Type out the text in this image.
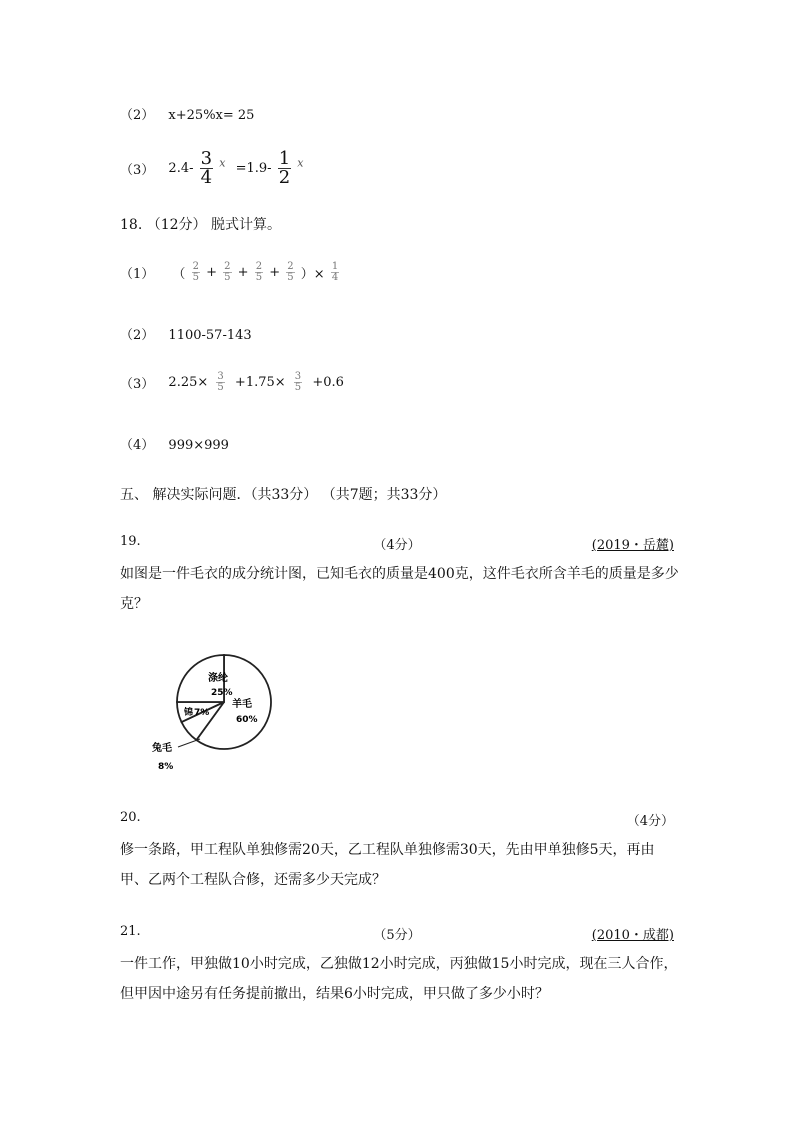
（2） x+25%x= 25
（3） $2.4- \frac{3}{4} ^x =1.9- \frac{1}{2} ^x$
18. （12分） 脱式计算。
（1） （ $\frac{2}{5} + \frac{2}{5} + \frac{2}{5} + \frac{2}{5}$ ）× $\frac{1}{4}$
（2） 1100-57-143
（3） $2.25\times \frac{3}{5} +1.75\times \frac{3}{5} +0.6$
（4） 999×999
五、 解决实际问题．（共33分） （共7题；共33分）
19.	（4分）	(2019・岳麓)
如图是一件毛衣的成分统计图，已知毛衣的质量是400克，这件毛衣所含羊毛的质量是多少克？
涤纶
25%
锦 7%
羊毛
60%
兔毛
8%
20.	（4分）
修一条路，甲工程队单独修需20天，乙工程队单独修需30天，先由甲单独修5天，再由甲、乙两个工程队合修，还需多少天完成？
21.	（5分）	(2010・成都)
一件工作，甲独做10小时完成，乙独做12小时完成，丙独做15小时完成，现在三人合作，但甲因中途另有任务提前撤出，结果6小时完成，甲只做了多少小时？
